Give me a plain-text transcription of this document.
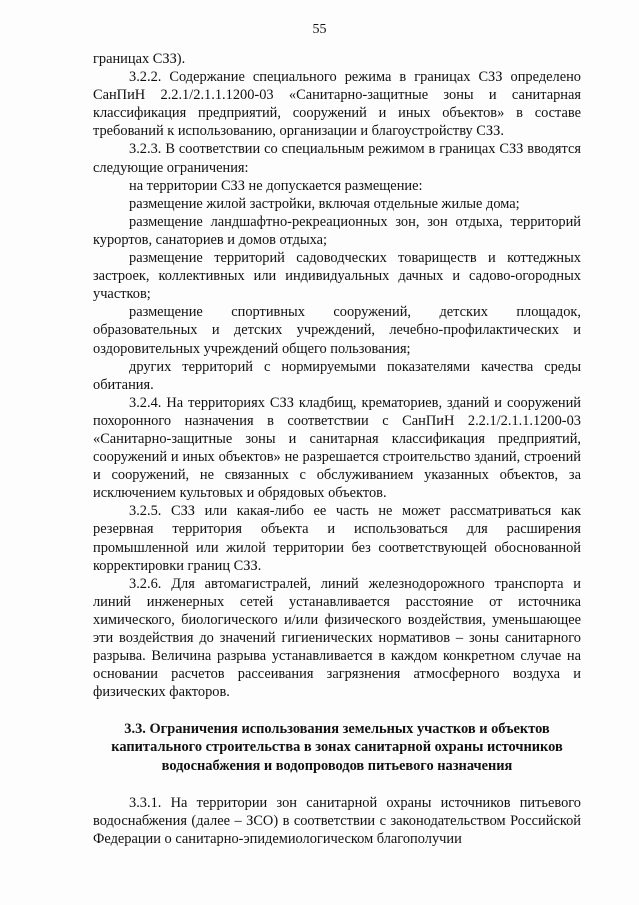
55

границах СЗЗ).

3.2.2. Содержание специального режима в границах СЗЗ определено СанПиН 2.2.1/2.1.1.1200-03 «Санитарно-защитные зоны и санитарная классификация предприятий, сооружений и иных объектов» в составе требований к использованию, организации и благоустройству СЗЗ.

3.2.3. В соответствии со специальным режимом в границах СЗЗ вводятся следующие ограничения:

на территории СЗЗ не допускается размещение:

размещение жилой застройки, включая отдельные жилые дома;

размещение ландшафтно-рекреационных зон, зон отдыха, территорий курортов, санаториев и домов отдыха;

размещение территорий садоводческих товариществ и коттеджных застроек, коллективных или индивидуальных дачных и садово-огородных участков;

размещение спортивных сооружений, детских площадок, образовательных и детских учреждений, лечебно-профилактических и оздоровительных учреждений общего пользования;

других территорий с нормируемыми показателями качества среды обитания.

3.2.4. На территориях СЗЗ кладбищ, крематориев, зданий и сооружений похоронного назначения в соответствии с СанПиН 2.2.1/2.1.1.1200-03 «Санитарно-защитные зоны и санитарная классификация предприятий, сооружений и иных объектов» не разрешается строительство зданий, строений и сооружений, не связанных с обслуживанием указанных объектов, за исключением культовых и обрядовых объектов.

3.2.5. СЗЗ или какая-либо ее часть не может рассматриваться как резервная территория объекта и использоваться для расширения промышленной или жилой территории без соответствующей обоснованной корректировки границ СЗЗ.

3.2.6. Для автомагистралей, линий железнодорожного транспорта и линий инженерных сетей устанавливается расстояние от источника химического, биологического и/или физического воздействия, уменьшающее эти воздействия до значений гигиенических нормативов – зоны санитарного разрыва. Величина разрыва устанавливается в каждом конкретном случае на основании расчетов рассеивания загрязнения атмосферного воздуха и физических факторов.

3.3. Ограничения использования земельных участков и объектов капитального строительства в зонах санитарной охраны источников водоснабжения и водопроводов питьевого назначения

3.3.1. На территории зон санитарной охраны источников питьевого водоснабжения (далее – ЗСО) в соответствии с законодательством Российской Федерации о санитарно-эпидемиологическом благополучии
